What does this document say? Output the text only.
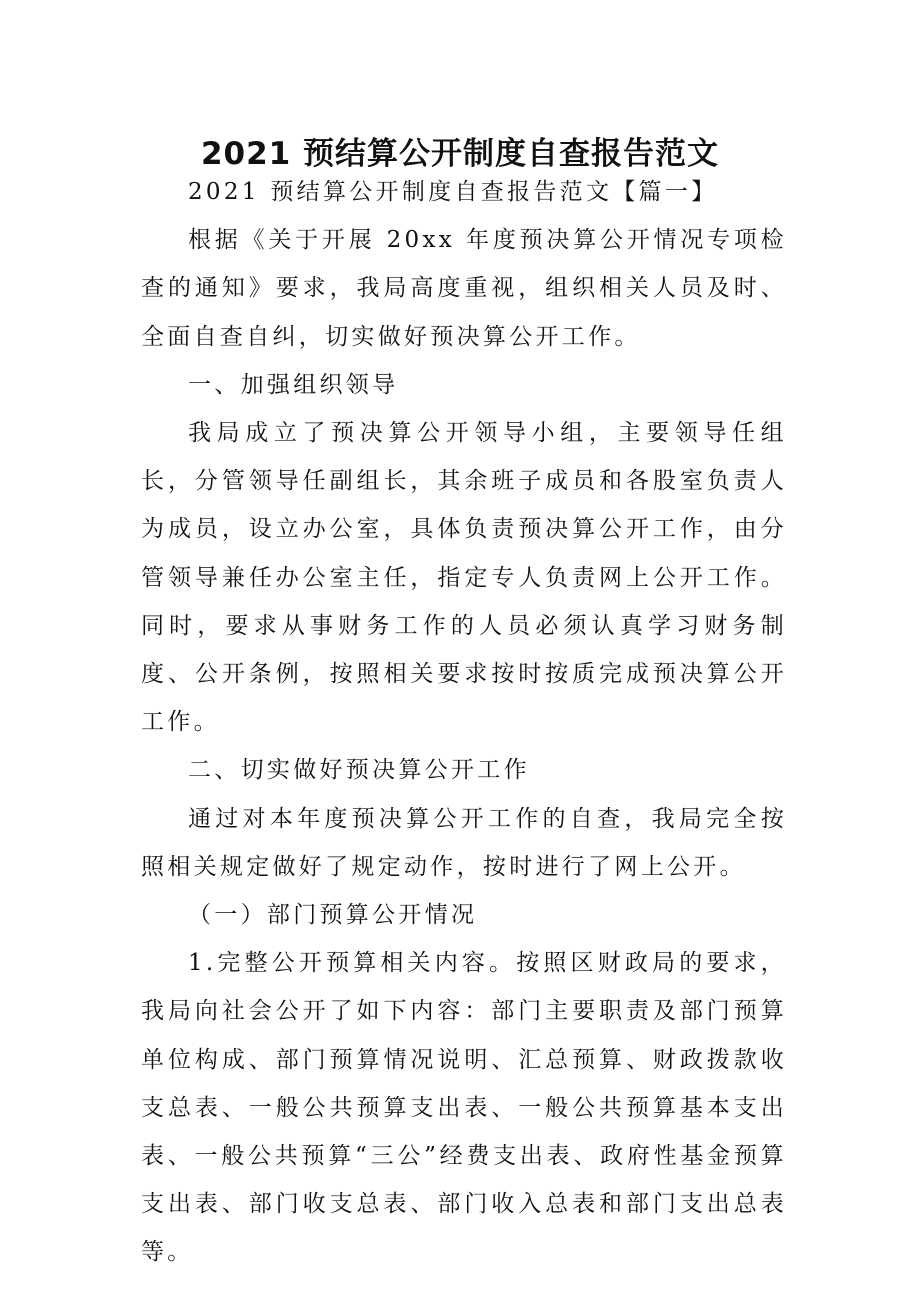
2021 预结算公开制度自查报告范文

2021 预结算公开制度自查报告范文【篇一】

根据《关于开展 20xx 年度预决算公开情况专项检查的通知》要求，我局高度重视，组织相关人员及时、全面自查自纠，切实做好预决算公开工作。

一、加强组织领导

我局成立了预决算公开领导小组，主要领导任组长，分管领导任副组长，其余班子成员和各股室负责人为成员，设立办公室，具体负责预决算公开工作，由分管领导兼任办公室主任，指定专人负责网上公开工作。同时，要求从事财务工作的人员必须认真学习财务制度、公开条例，按照相关要求按时按质完成预决算公开工作。

二、切实做好预决算公开工作

通过对本年度预决算公开工作的自查，我局完全按照相关规定做好了规定动作，按时进行了网上公开。

（一）部门预算公开情况

1.完整公开预算相关内容。按照区财政局的要求，我局向社会公开了如下内容：部门主要职责及部门预算单位构成、部门预算情况说明、汇总预算、财政拨款收支总表、一般公共预算支出表、一般公共预算基本支出表、一般公共预算“三公”经费支出表、政府性基金预算支出表、部门收支总表、部门收入总表和部门支出总表等。
